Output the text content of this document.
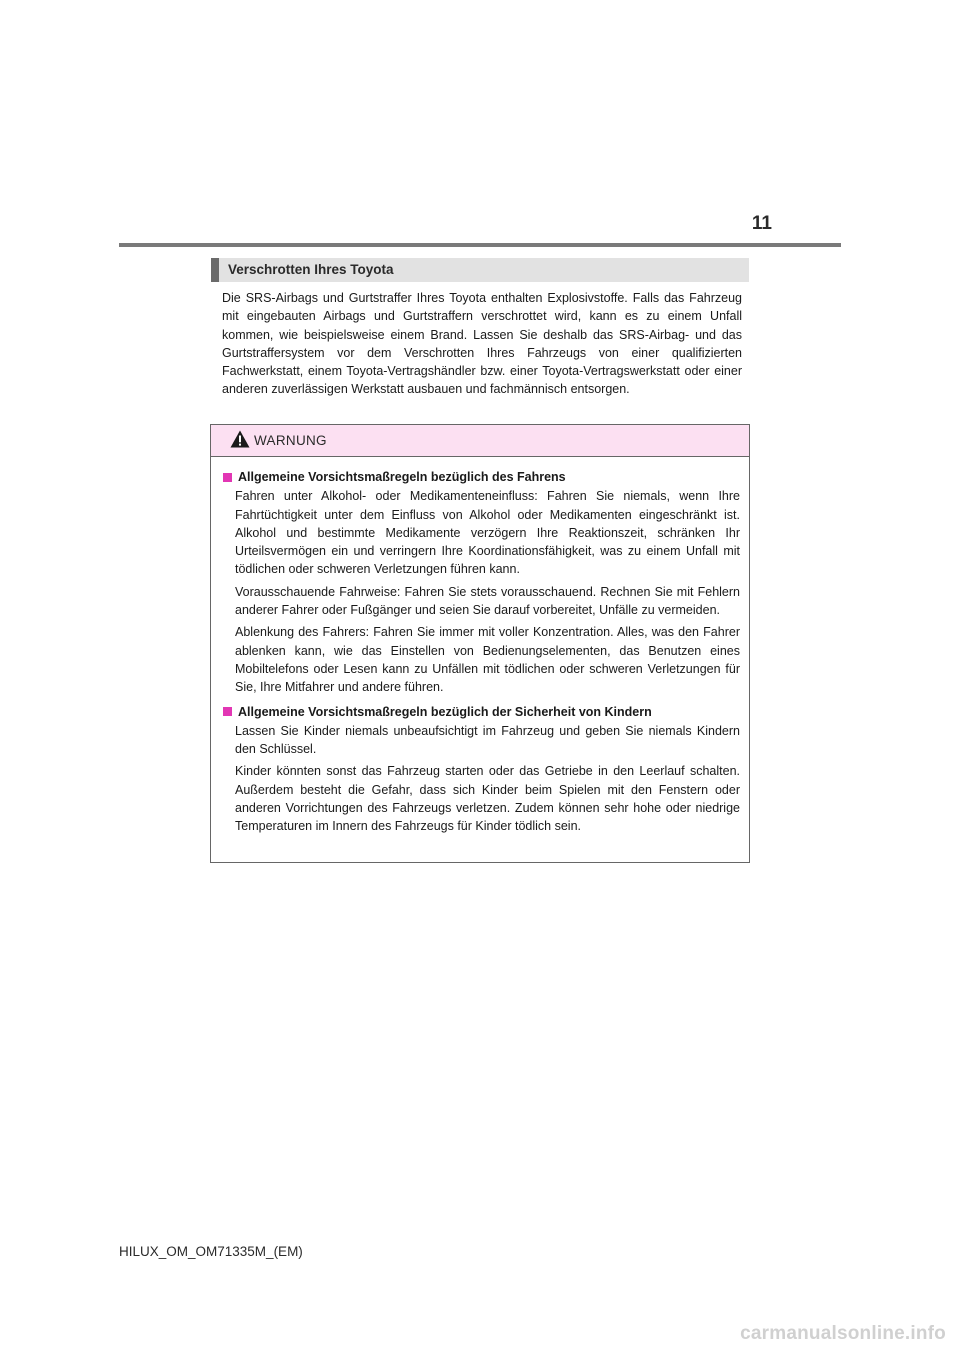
11
Verschrotten Ihres Toyota

Die SRS-Airbags und Gurtstraffer Ihres Toyota enthalten Explosivstoffe. Falls das Fahrzeug mit eingebauten Airbags und Gurtstraffern verschrottet wird, kann es zu einem Unfall kommen, wie beispielsweise einem Brand. Lassen Sie deshalb das SRS-Airbag- und das Gurtstraffersystem vor dem Verschrotten Ihres Fahrzeugs von einer qualifizierten Fachwerkstatt, einem Toyota-Vertragshändler bzw. einer Toyota-Vertragswerkstatt oder einer anderen zuverlässigen Werkstatt ausbauen und fachmännisch entsorgen.

WARNUNG
Allgemeine Vorsichtsmaßregeln bezüglich des Fahrens

Fahren unter Alkohol- oder Medikamenteneinfluss: Fahren Sie niemals, wenn Ihre Fahrtüchtigkeit unter dem Einfluss von Alkohol oder Medikamenten eingeschränkt ist. Alkohol und bestimmte Medikamente verzögern Ihre Reaktionszeit, schränken Ihr Urteilsvermögen ein und verringern Ihre Koordinationsfähigkeit, was zu einem Unfall mit tödlichen oder schweren Verletzungen führen kann.

Vorausschauende Fahrweise: Fahren Sie stets vorausschauend. Rechnen Sie mit Fehlern anderer Fahrer oder Fußgänger und seien Sie darauf vorbereitet, Unfälle zu vermeiden.

Ablenkung des Fahrers: Fahren Sie immer mit voller Konzentration. Alles, was den Fahrer ablenken kann, wie das Einstellen von Bedienungselementen, das Benutzen eines Mobiltelefons oder Lesen kann zu Unfällen mit tödlichen oder schweren Verletzungen für Sie, Ihre Mitfahrer und andere führen.

Allgemeine Vorsichtsmaßregeln bezüglich der Sicherheit von Kindern

Lassen Sie Kinder niemals unbeaufsichtigt im Fahrzeug und geben Sie niemals Kindern den Schlüssel.

Kinder könnten sonst das Fahrzeug starten oder das Getriebe in den Leerlauf schalten. Außerdem besteht die Gefahr, dass sich Kinder beim Spielen mit den Fenstern oder anderen Vorrichtungen des Fahrzeugs verletzen. Zudem können sehr hohe oder niedrige Temperaturen im Innern des Fahrzeugs für Kinder tödlich sein.

HILUX_OM_OM71335M_(EM)
carmanualsonline.info
